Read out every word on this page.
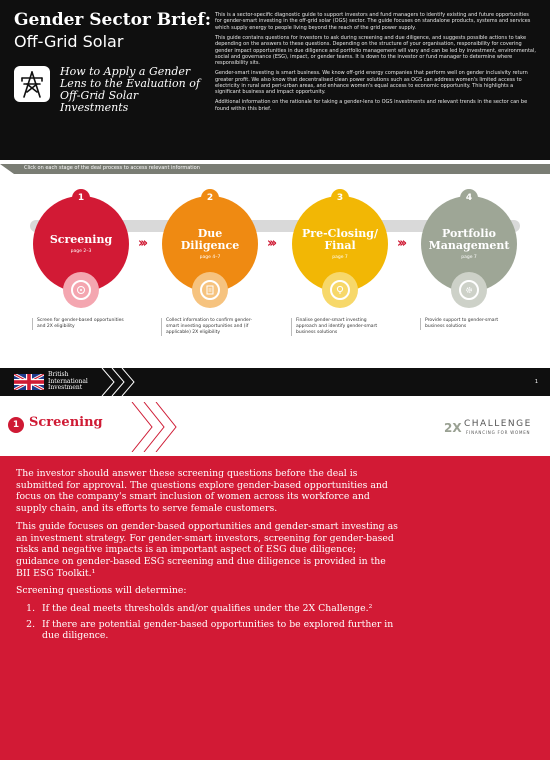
Gender Sector Brief:
Off-Grid Solar
How to Apply a Gender Lens to the Evaluation of Off-Grid Solar Investments

This is a sector-specific diagnostic guide to support investors and fund managers to identify existing and future opportunities for gender-smart investing in the off-grid solar (OGS) sector. The guide focuses on standalone products, systems and services which supply energy to people living beyond the reach of the grid power supply.

This guide contains questions for investors to ask during screening and due diligence, and suggests possible actions to take depending on the answers to these questions. Depending on the structure of your organisation, responsibility for covering gender impact opportunities in due diligence and portfolio management will vary and can be led by investment, environmental, social and governance (ESG), impact, or gender teams. It is down to the investor or fund manager to determine where responsibility sits.

Gender-smart investing is smart business. We know off-grid energy companies that perform well on gender inclusivity return greater profit. We also know that decentralised clean power solutions such as OGS can address women's limited access to electricity in rural and peri-urban areas, and enhance women's equal access to economic opportunity. This highlights a significant business and impact opportunity.

Additional information on the rationale for taking a gender-lens to OGS investments and relevant trends in the sector can be found within this brief.

Click on each stage of the deal process to access relevant information
Screening
page 2–3
1
Screen for gender-based opportunities and 2X eligibility
›››
Due
Diligence
page 4–7
2
Collect information to confirm gender-smart investing opportunities and (if applicable) 2X eligibility
›››
Pre-Closing/
Final
page 7
3
Finalise gender-smart investing approach and identify gender-smart business solutions
›››
Portfolio
Management
page 7
4
Provide support to gender-smart business solutions
British
International
Investment
1
1 Screening	2X CHALLENGE
FINANCING FOR WOMEN

The investor should answer these screening questions before the deal is submitted for approval. The questions explore gender-based opportunities and focus on the company's smart inclusion of women across its workforce and supply chain, and its efforts to serve female customers.

This guide focuses on gender-based opportunities and gender-smart investing as an investment strategy. For gender-smart investors, screening for gender-based risks and negative impacts is an important aspect of ESG due diligence; guidance on gender-based ESG screening and due diligence is provided in the BII ESG Toolkit.¹

Screening questions will determine:

1. If the deal meets thresholds and/or qualifies under the 2X Challenge.²
2. If there are potential gender-based opportunities to be explored further in due diligence.
